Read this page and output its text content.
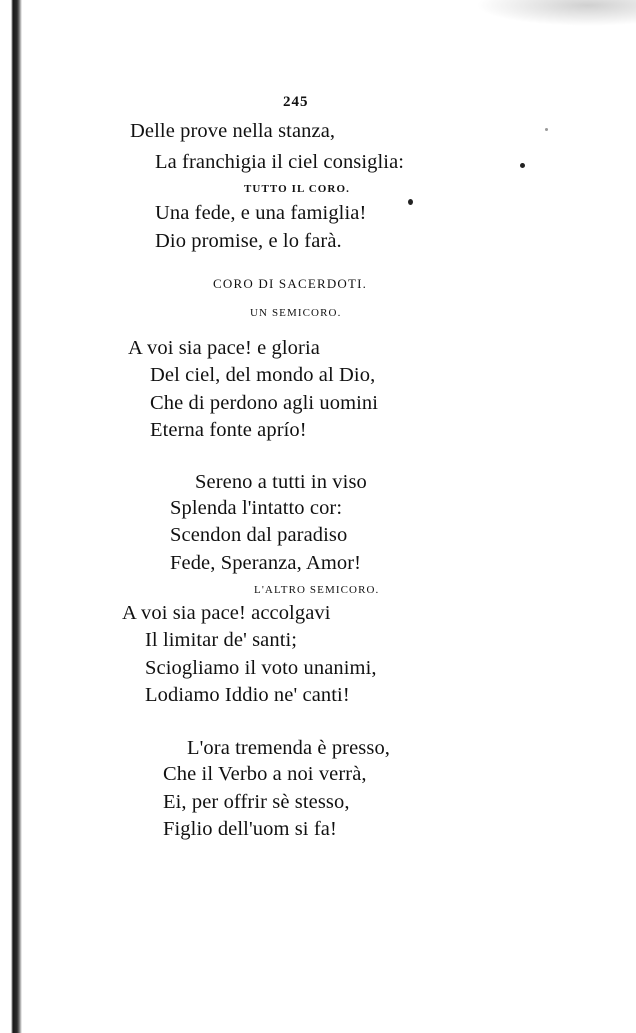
245
Delle prove nella stanza,
La franchigia il ciel consiglia:
TUTTO IL CORO.
Una fede, e una famiglia!
Dio promise, e lo farà.
CORO DI SACERDOTI.
UN SEMICORO.
A voi sia pace! e gloria
Del ciel, del mondo al Dio,
Che di perdono agli uomini
Eterna fonte aprío!
Sereno a tutti in viso
Splenda l'intatto cor:
Scendon dal paradiso
Fede, Speranza, Amor!
L'ALTRO SEMICORO.
A voi sia pace! accolgavi
Il limitar de' santi;
Sciogliamo il voto unanimi,
Lodiamo Iddio ne' canti!
L'ora tremenda è presso,
Che il Verbo a noi verrà,
Ei, per offrir sè stesso,
Figlio dell'uom si fa!
